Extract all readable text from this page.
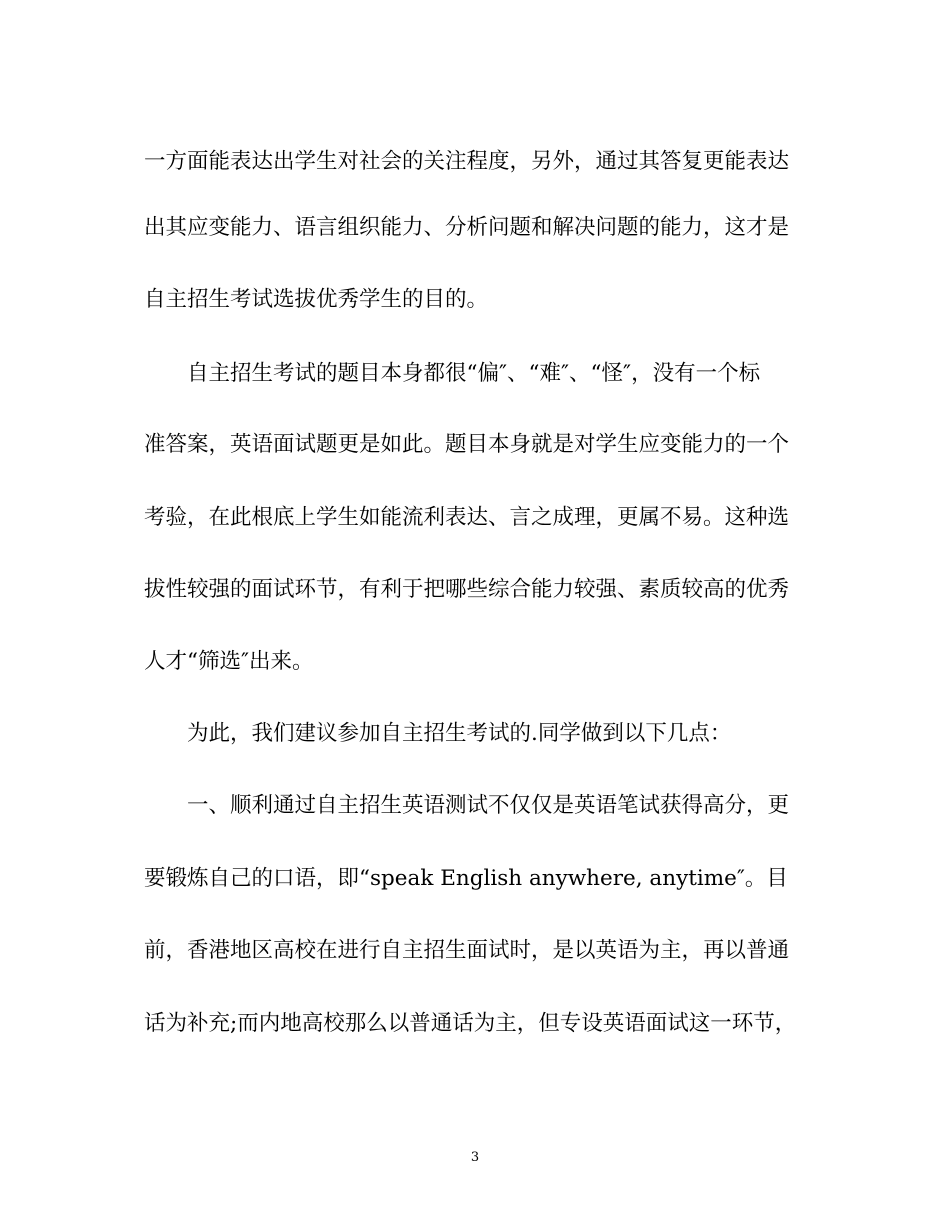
一方面能表达出学生对社会的关注程度，另外，通过其答复更能表达
出其应变能力、语言组织能力、分析问题和解决问题的能力，这才是
自主招生考试选拔优秀学生的目的。
　　自主招生考试的题目本身都很“偏″、“难″、“怪″，没有一个标
准答案，英语面试题更是如此。题目本身就是对学生应变能力的一个
考验，在此根底上学生如能流利表达、言之成理，更属不易。这种选
拔性较强的面试环节，有利于把哪些综合能力较强、素质较高的优秀
人才“筛选″出来。
　　为此，我们建议参加自主招生考试的.同学做到以下几点：
　　一、顺利通过自主招生英语测试不仅仅是英语笔试获得高分，更
要锻炼自己的口语，即“speak English anywhere, anytime″。目
前，香港地区高校在进行自主招生面试时，是以英语为主，再以普通
话为补充;而内地高校那么以普通话为主，但专设英语面试这一环节，
3
